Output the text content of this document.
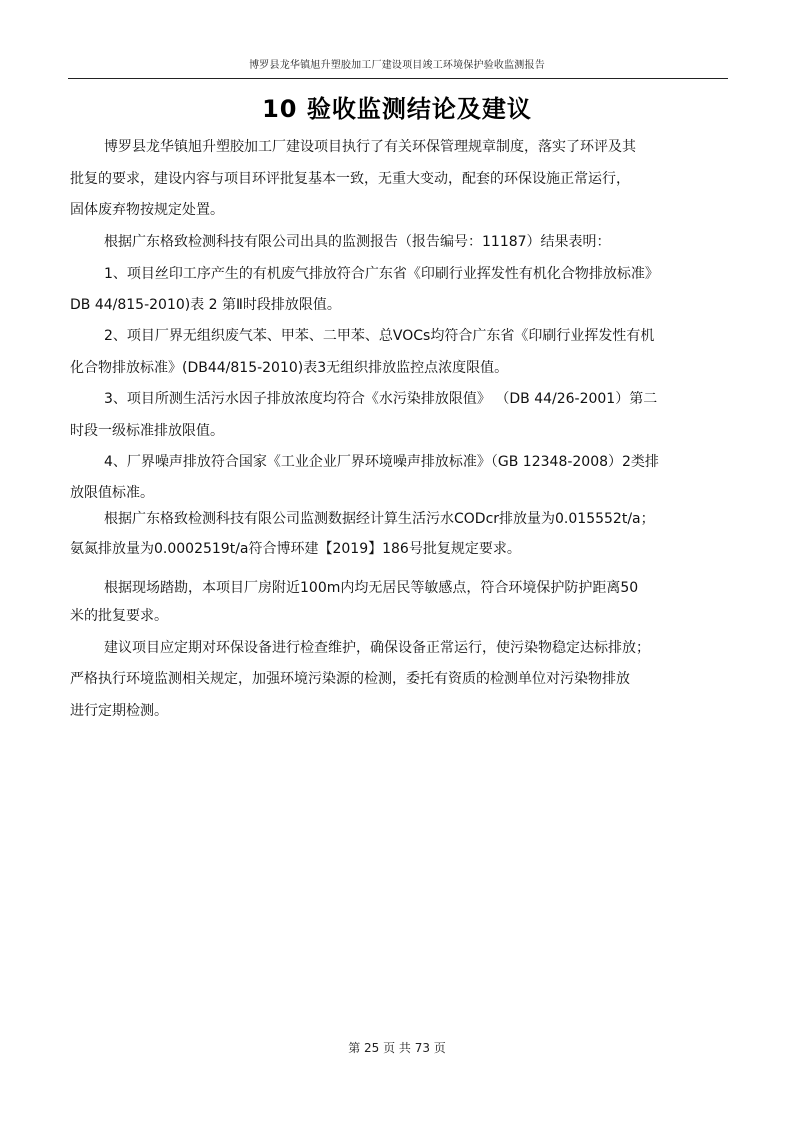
博罗县龙华镇旭升塑胶加工厂建设项目竣工环境保护验收监测报告
10 验收监测结论及建议
博罗县龙华镇旭升塑胶加工厂建设项目执行了有关环保管理规章制度，落实了环评及其
批复的要求，建设内容与项目环评批复基本一致，无重大变动，配套的环保设施正常运行，
固体废弃物按规定处置。
根据广东格致检测科技有限公司出具的监测报告（报告编号：11187）结果表明：
1、项目丝印工序产生的有机废气排放符合广东省《印刷行业挥发性有机化合物排放标准》
DB 44/815-2010)表 2 第Ⅱ时段排放限值。
2、项目厂界无组织废气苯、甲苯、二甲苯、总VOCs均符合广东省《印刷行业挥发性有机
化合物排放标准》(DB44/815-2010)表3无组织排放监控点浓度限值。
3、项目所测生活污水因子排放浓度均符合《水污染排放限值》 （DB 44/26-2001）第二
时段一级标准排放限值。
4、厂界噪声排放符合国家《工业企业厂界环境噪声排放标准》（GB 12348-2008）2类排
放限值标准。
根据广东格致检测科技有限公司监测数据经计算生活污水CODcr排放量为0.015552t/a；
氨氮排放量为0.0002519t/a符合博环建【2019】186号批复规定要求。
根据现场踏勘，本项目厂房附近100m内均无居民等敏感点，符合环境保护防护距离50
米的批复要求。
建议项目应定期对环保设备进行检查维护，确保设备正常运行，使污染物稳定达标排放；
严格执行环境监测相关规定，加强环境污染源的检测，委托有资质的检测单位对污染物排放
进行定期检测。
第 25 页 共 73 页
